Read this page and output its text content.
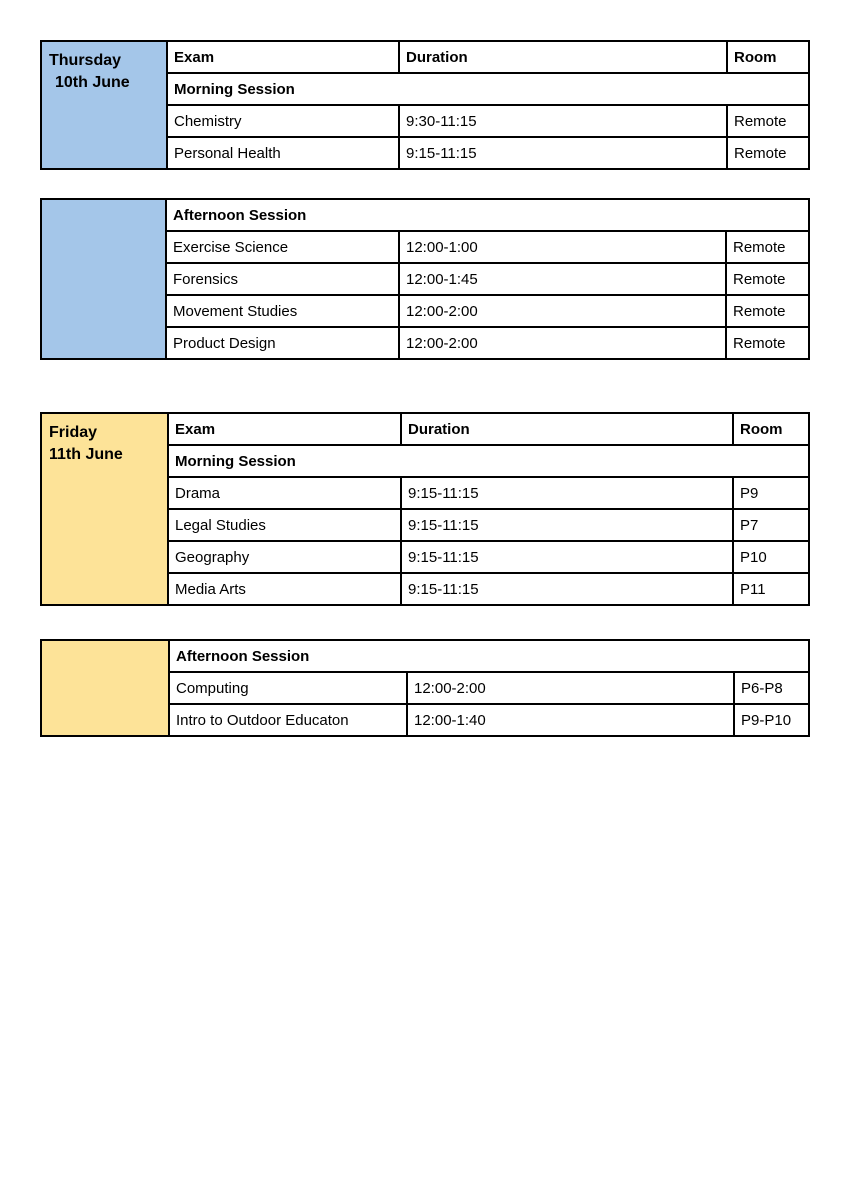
Thursday
10th June	Exam	Duration	Room
	Morning Session		
	Chemistry	9:30-11:15	Remote
	Personal Health	9:15-11:15	Remote
	Afternoon Session		
	Exercise Science	12:00-1:00	Remote
	Forensics	12:00-1:45	Remote
	Movement Studies	12:00-2:00	Remote
	Product Design	12:00-2:00	Remote
Friday
11th June	Exam	Duration	Room
	Morning Session		
	Drama	9:15-11:15	P9
	Legal Studies	9:15-11:15	P7
	Geography	9:15-11:15	P10
	Media Arts	9:15-11:15	P11
	Afternoon Session		
	Computing	12:00-2:00	P6-P8
	Intro to Outdoor Educaton	12:00-1:40	P9-P10
